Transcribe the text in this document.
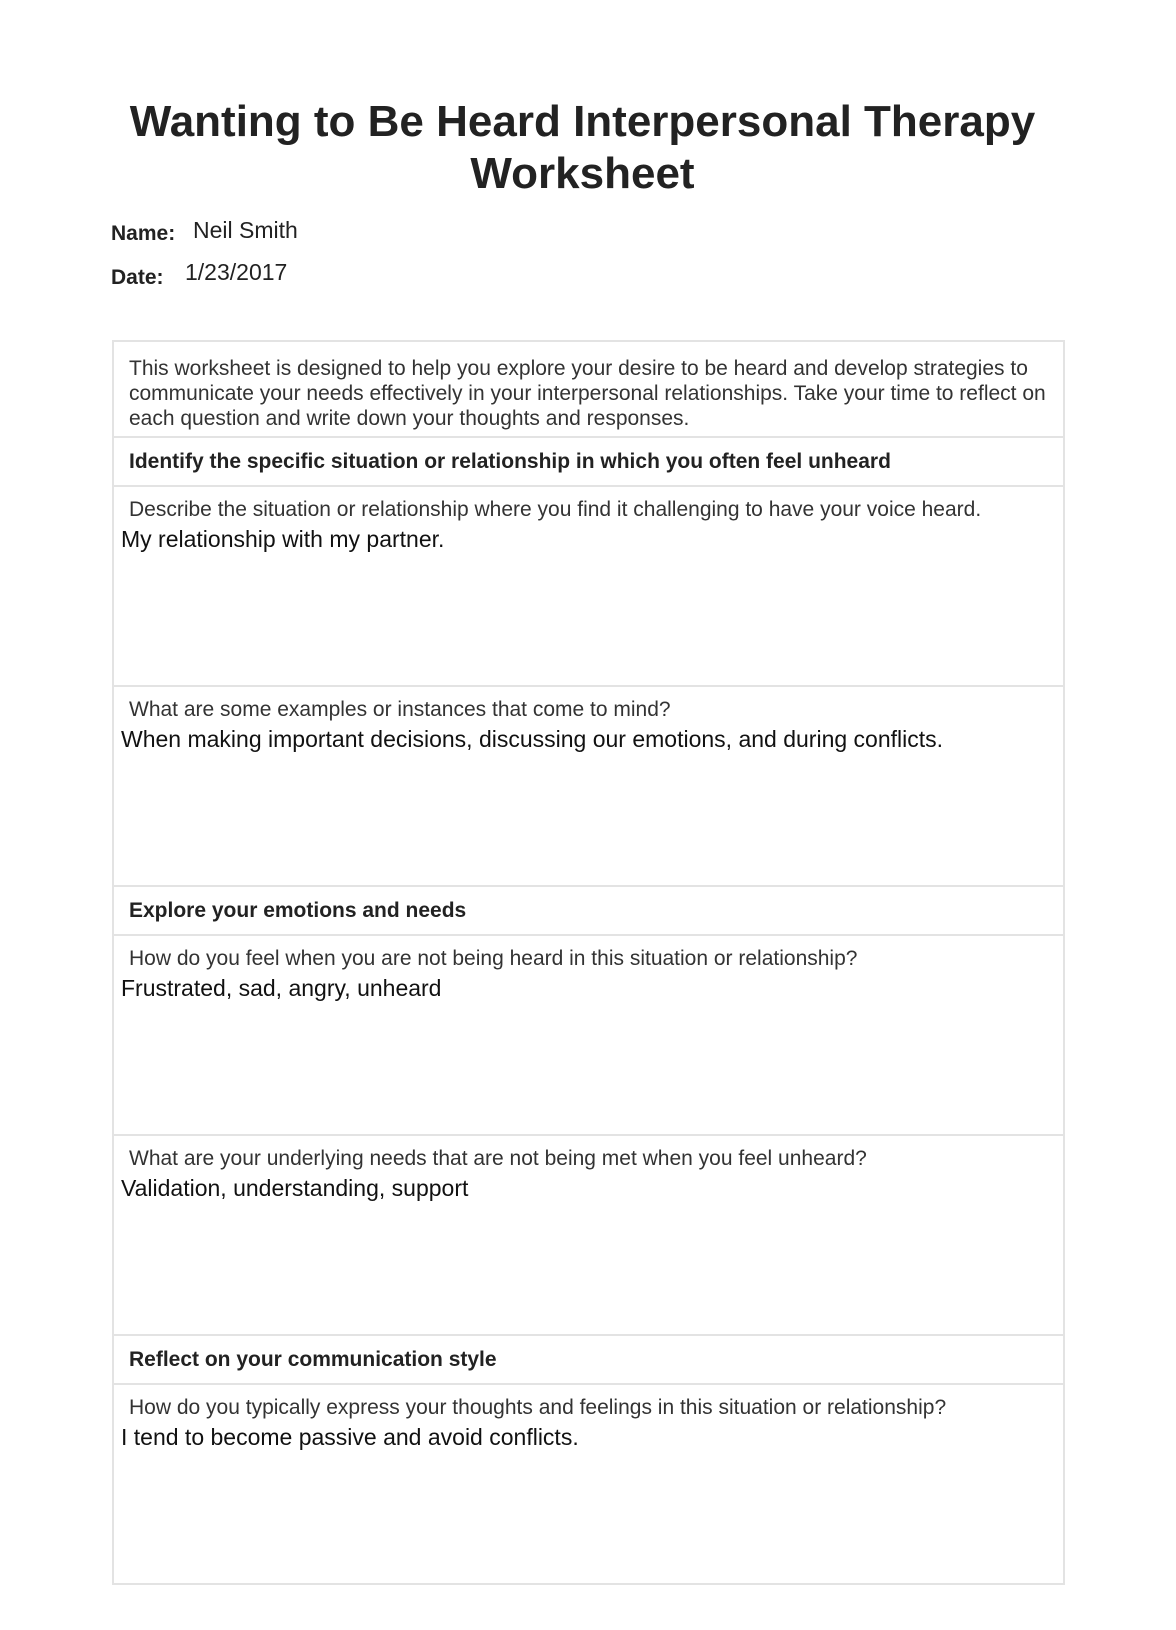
Wanting to Be Heard Interpersonal Therapy Worksheet
Name: Neil Smith
Date: 1/23/2017
This worksheet is designed to help you explore your desire to be heard and develop strategies to communicate your needs effectively in your interpersonal relationships. Take your time to reflect on each question and write down your thoughts and responses.
Identify the specific situation or relationship in which you often feel unheard

Describe the situation or relationship where you find it challenging to have your voice heard.
My relationship with my partner.

What are some examples or instances that come to mind?
When making important decisions, discussing our emotions, and during conflicts.

Explore your emotions and needs

How do you feel when you are not being heard in this situation or relationship?
Frustrated, sad, angry, unheard

What are your underlying needs that are not being met when you feel unheard?
Validation, understanding, support

Reflect on your communication style

How do you typically express your thoughts and feelings in this situation or relationship?
I tend to become passive and avoid conflicts.
